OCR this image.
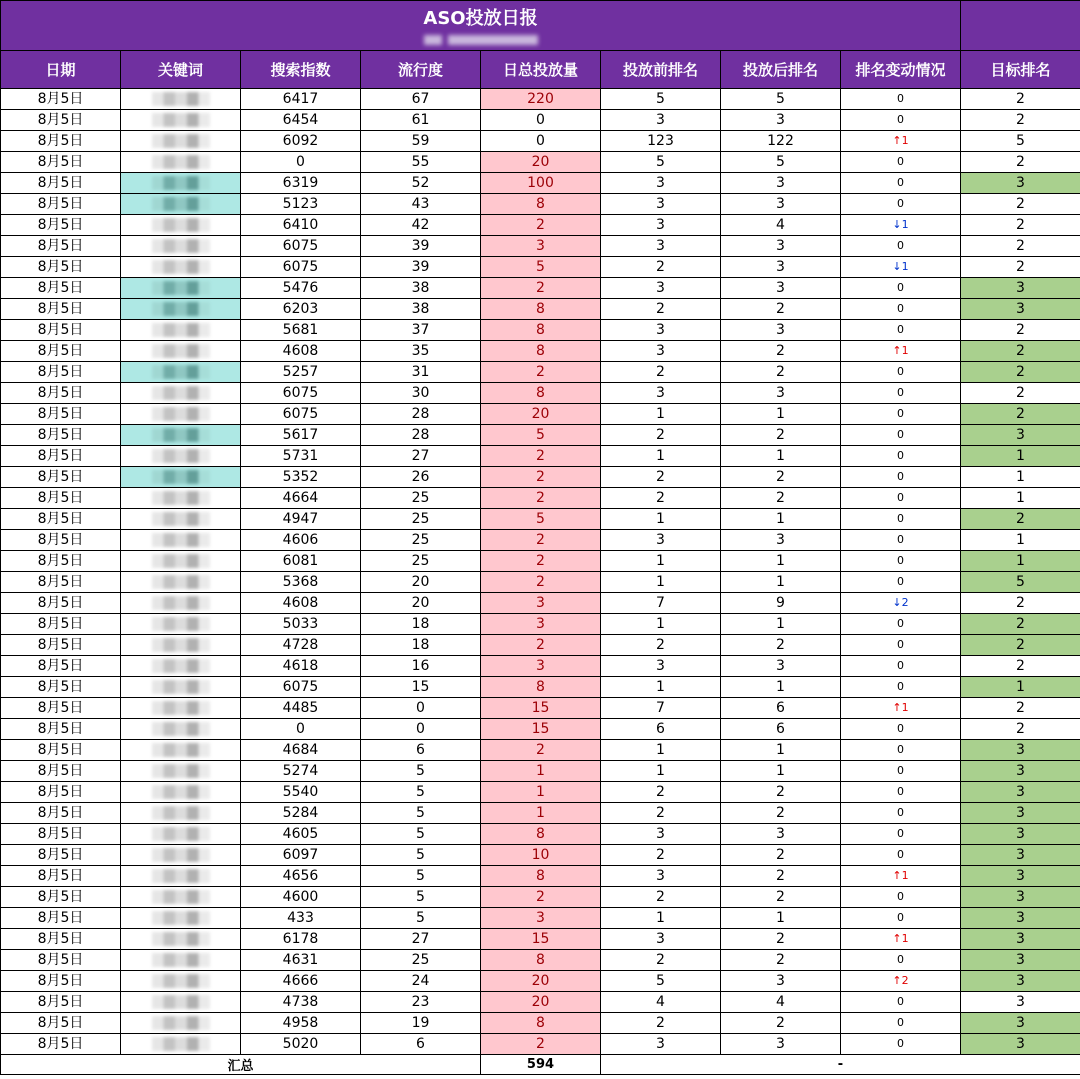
ASO投放日报								

日期	关键词	搜索指数	流行度	日总投放量	投放前排名	投放后排名	排名变动情况	目标排名
8月5日		6417	67	220	5	5	0	2
8月5日		6454	61	0	3	3	0	2
8月5日		6092	59	0	123	122	↑1	5
8月5日		0	55	20	5	5	0	2
8月5日		6319	52	100	3	3	0	3
8月5日		5123	43	8	3	3	0	2
8月5日		6410	42	2	3	4	↓1	2
8月5日		6075	39	3	3	3	0	2
8月5日		6075	39	5	2	3	↓1	2
8月5日		5476	38	2	3	3	0	3
8月5日		6203	38	8	2	2	0	3
8月5日		5681	37	8	3	3	0	2
8月5日		4608	35	8	3	2	↑1	2
8月5日		5257	31	2	2	2	0	2
8月5日		6075	30	8	3	3	0	2
8月5日		6075	28	20	1	1	0	2
8月5日		5617	28	5	2	2	0	3
8月5日		5731	27	2	1	1	0	1
8月5日		5352	26	2	2	2	0	1
8月5日		4664	25	2	2	2	0	1
8月5日		4947	25	5	1	1	0	2
8月5日		4606	25	2	3	3	0	1
8月5日		6081	25	2	1	1	0	1
8月5日		5368	20	2	1	1	0	5
8月5日		4608	20	3	7	9	↓2	2
8月5日		5033	18	3	1	1	0	2
8月5日		4728	18	2	2	2	0	2
8月5日		4618	16	3	3	3	0	2
8月5日		6075	15	8	1	1	0	1
8月5日		4485	0	15	7	6	↑1	2
8月5日		0	0	15	6	6	0	2
8月5日		4684	6	2	1	1	0	3
8月5日		5274	5	1	1	1	0	3
8月5日		5540	5	1	2	2	0	3
8月5日		5284	5	1	2	2	0	3
8月5日		4605	5	8	3	3	0	3
8月5日		6097	5	10	2	2	0	3
8月5日		4656	5	8	3	2	↑1	3
8月5日		4600	5	2	2	2	0	3
8月5日		433	5	3	1	1	0	3
8月5日		6178	27	15	3	2	↑1	3
8月5日		4631	25	8	2	2	0	3
8月5日		4666	24	20	5	3	↑2	3
8月5日		4738	23	20	4	4	0	3
8月5日		4958	19	8	2	2	0	3
8月5日		5020	6	2	3	3	0	3
汇总				594	-			
